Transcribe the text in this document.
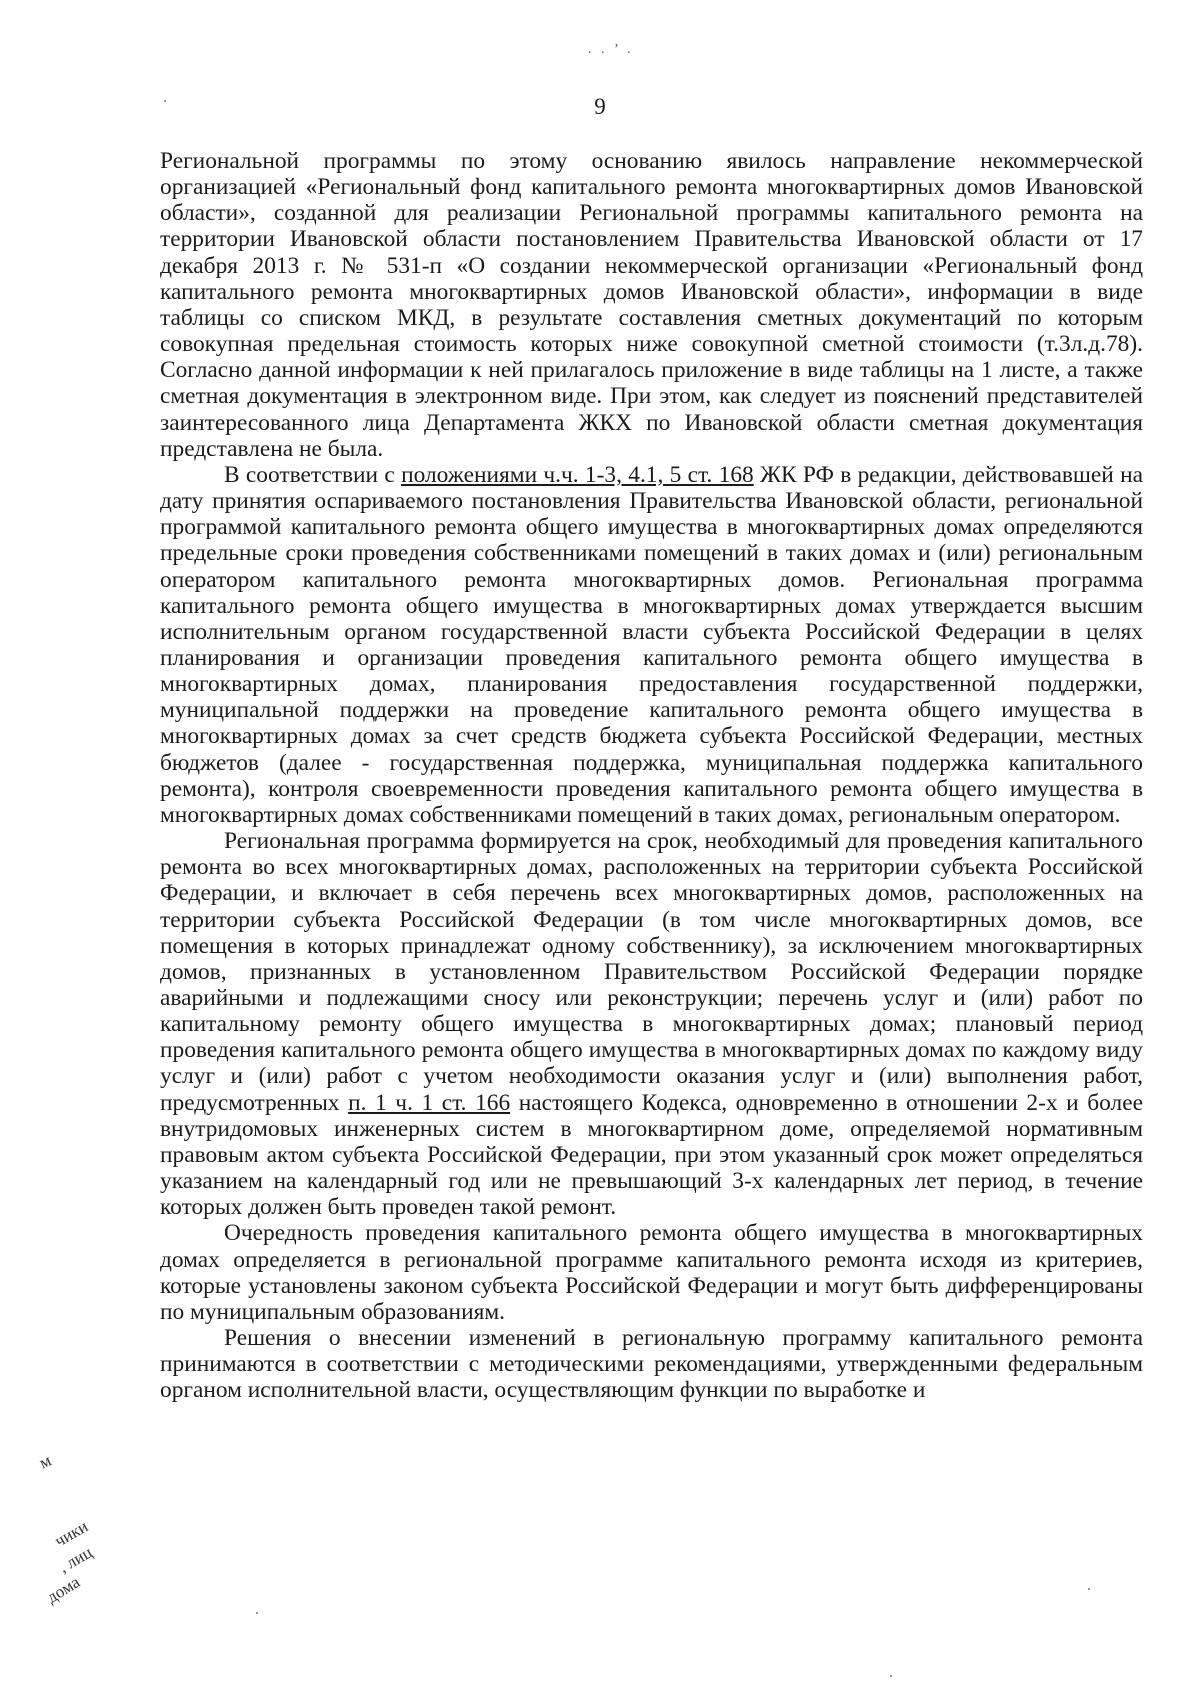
. . ’ .
9

Региональной программы по этому основанию явилось направление некоммерческой организацией «Региональный фонд капитального ремонта многоквартирных домов Ивановской области», созданной для реализации Региональной программы капитального ремонта на территории Ивановской области постановлением Правительства Ивановской области от 17 декабря 2013 г. № 531-п «О создании некоммерческой организации «Региональный фонд капитального ремонта многоквартирных домов Ивановской области», информации в виде таблицы со списком МКД, в результате составления сметных документаций по которым совокупная предельная стоимость которых ниже совокупной сметной стоимости (т.3л.д.78). Согласно данной информации к ней прилагалось приложение в виде таблицы на 1 листе, а также сметная документация в электронном виде. При этом, как следует из пояснений представителей заинтересованного лица Департамента ЖКХ по Ивановской области сметная документация представлена не была.

В соответствии с положениями ч.ч. 1-3, 4.1, 5 ст. 168 ЖК РФ в редакции, действовавшей на дату принятия оспариваемого постановления Правительства Ивановской области, региональной программой капитального ремонта общего имущества в многоквартирных домах определяются предельные сроки проведения собственниками помещений в таких домах и (или) региональным оператором капитального ремонта многоквартирных домов. Региональная программа капитального ремонта общего имущества в многоквартирных домах утверждается высшим исполнительным органом государственной власти субъекта Российской Федерации в целях планирования и организации проведения капитального ремонта общего имущества в многоквартирных домах, планирования предоставления государственной поддержки, муниципальной поддержки на проведение капитального ремонта общего имущества в многоквартирных домах за счет средств бюджета субъекта Российской Федерации, местных бюджетов (далее - государственная поддержка, муниципальная поддержка капитального ремонта), контроля своевременности проведения капитального ремонта общего имущества в многоквартирных домах собственниками помещений в таких домах, региональным оператором.

Региональная программа формируется на срок, необходимый для проведения капитального ремонта во всех многоквартирных домах, расположенных на территории субъекта Российской Федерации, и включает в себя перечень всех многоквартирных домов, расположенных на территории субъекта Российской Федерации (в том числе многоквартирных домов, все помещения в которых принадлежат одному собственнику), за исключением многоквартирных домов, признанных в установленном Правительством Российской Федерации порядке аварийными и подлежащими сносу или реконструкции; перечень услуг и (или) работ по капитальному ремонту общего имущества в многоквартирных домах; плановый период проведения капитального ремонта общего имущества в многоквартирных домах по каждому виду услуг и (или) работ с учетом необходимости оказания услуг и (или) выполнения работ, предусмотренных п. 1 ч. 1 ст. 166 настоящего Кодекса, одновременно в отношении 2-х и более внутридомовых инженерных систем в многоквартирном доме, определяемой нормативным правовым актом субъекта Российской Федерации, при этом указанный срок может определяться указанием на календарный год или не превышающий 3-х календарных лет период, в течение которых должен быть проведен такой ремонт.

Очередность проведения капитального ремонта общего имущества в многоквартирных домах определяется в региональной программе капитального ремонта исходя из критериев, которые установлены законом субъекта Российской Федерации и могут быть дифференцированы по муниципальным образованиям.

Решения о внесении изменений в региональную программу капитального ремонта принимаются в соответствии с методическими рекомендациями, утвержденными федеральным органом исполнительной власти, осуществляющим функции по выработке и

м
чики
, лиц
дома
